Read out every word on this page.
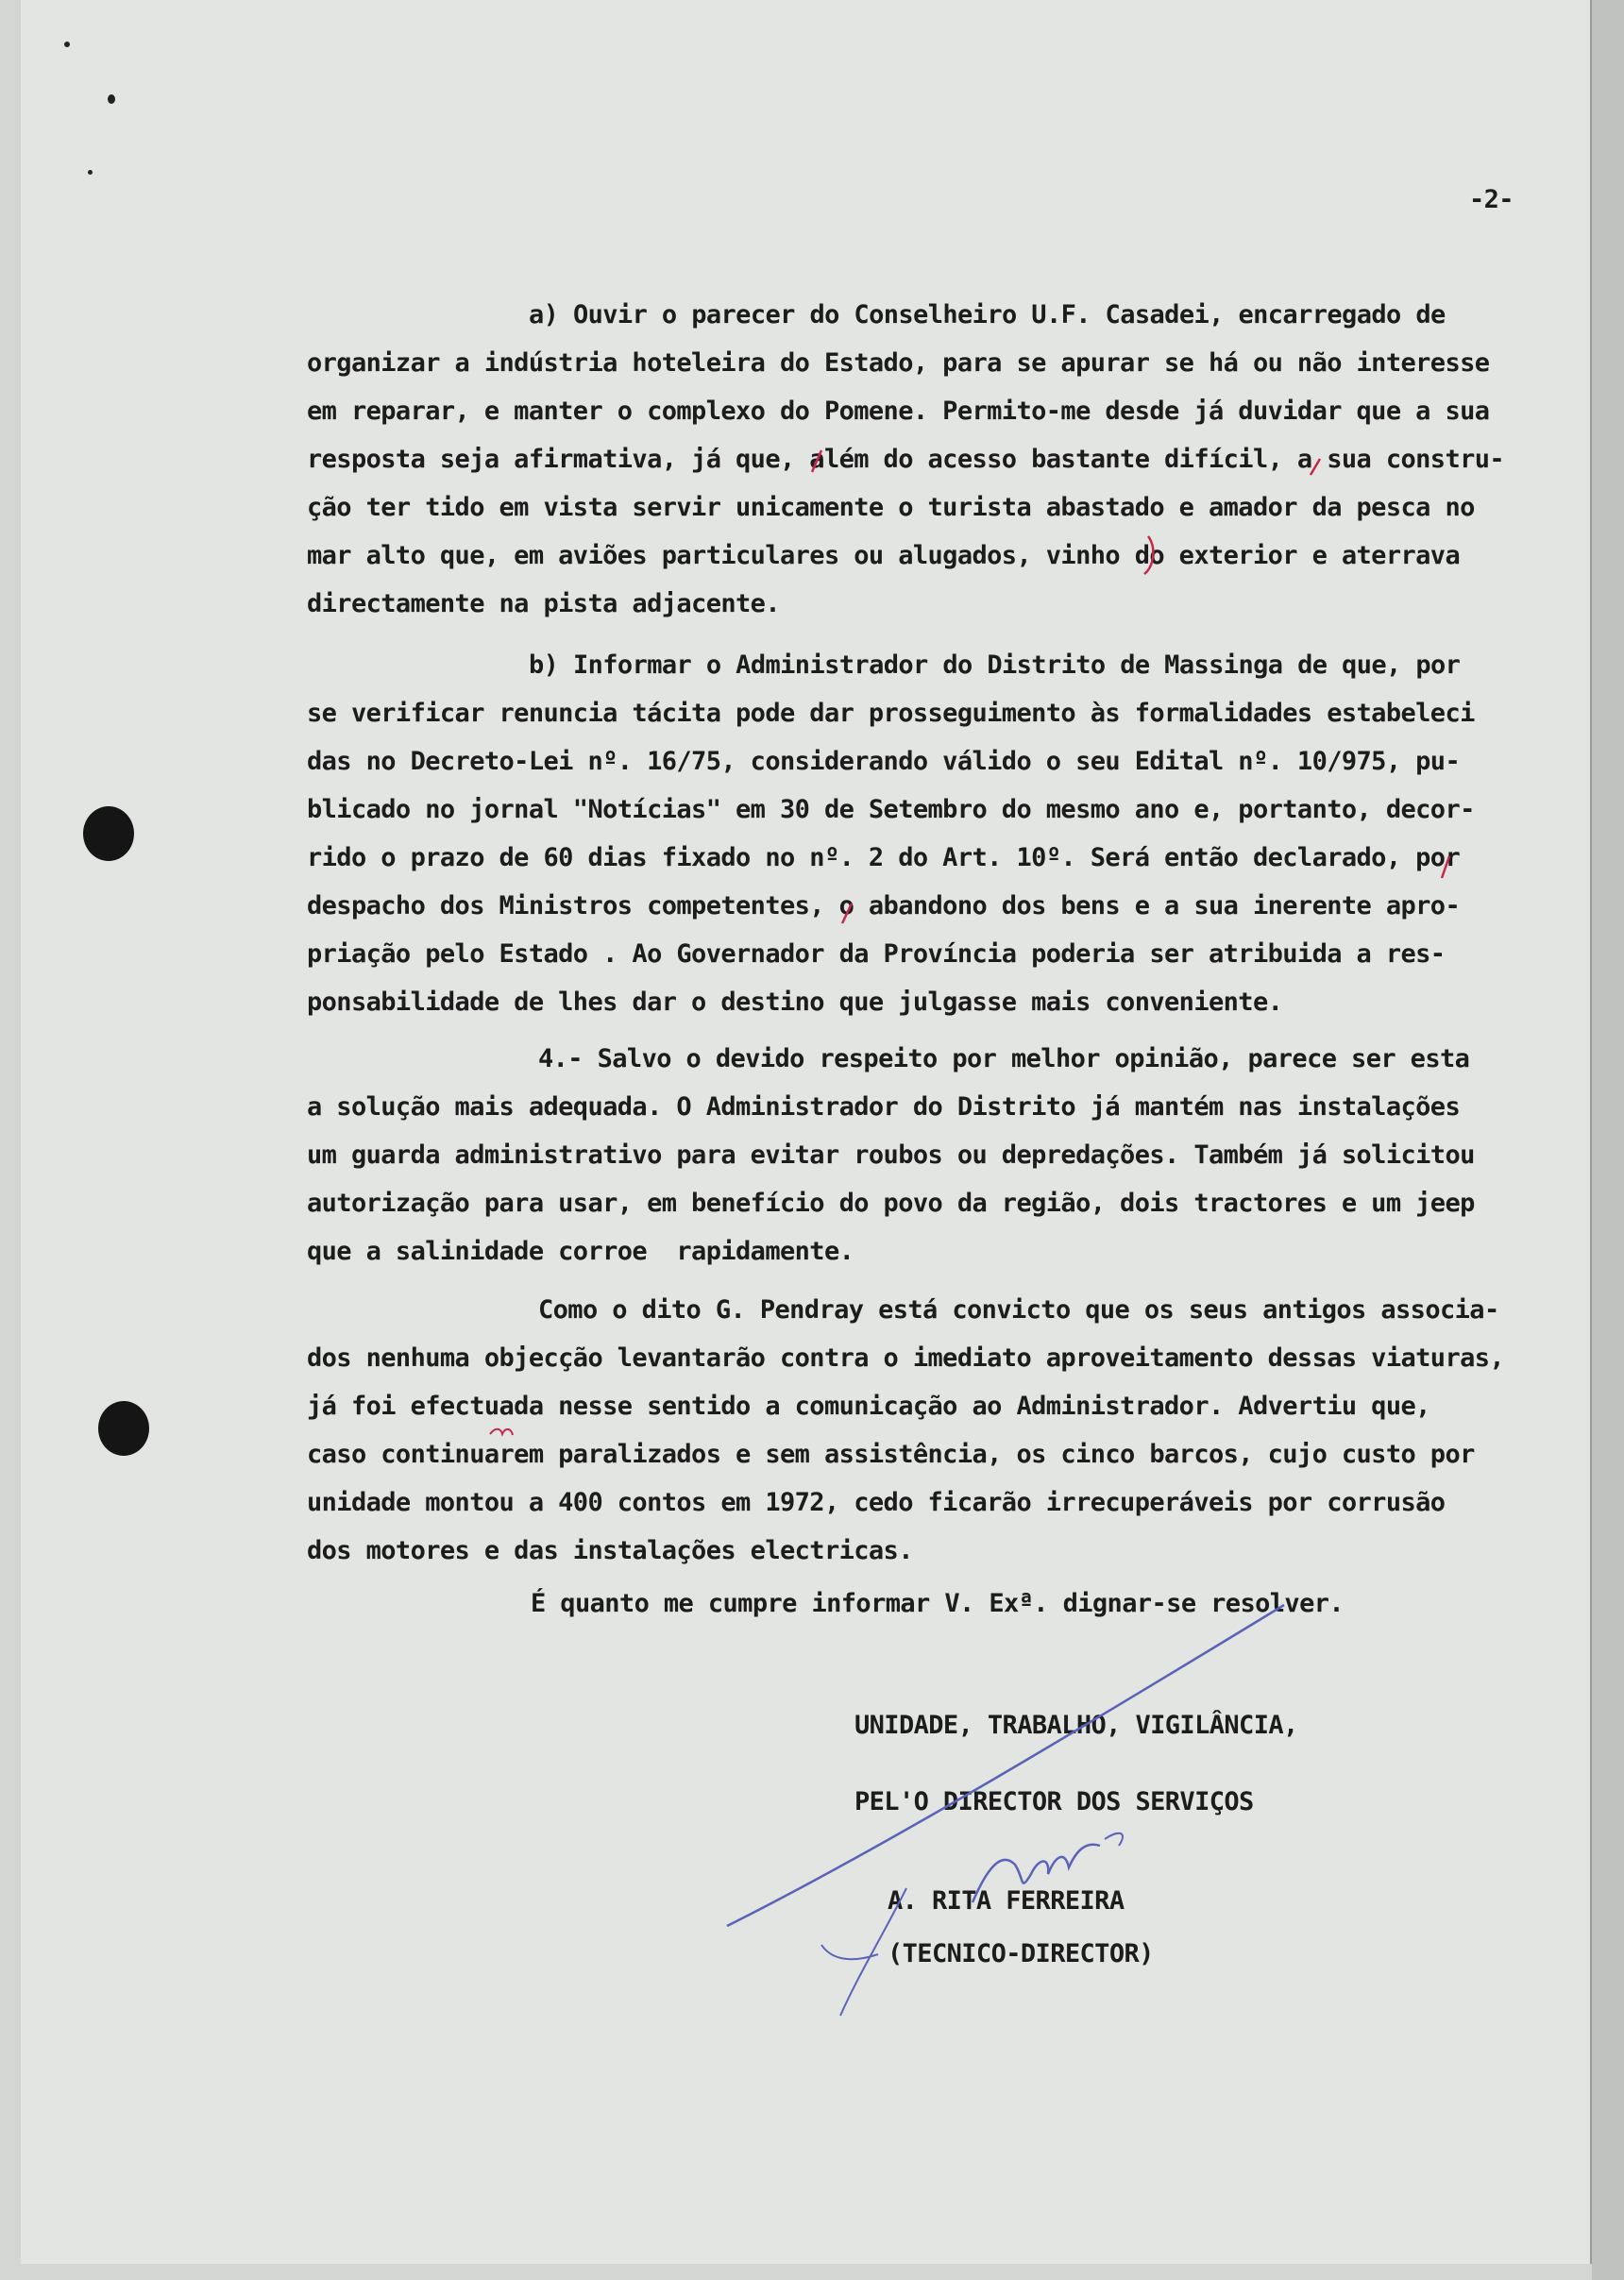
-2-
a) Ouvir o parecer do Conselheiro U.F. Casadei, encarregado de
organizar a indústria hoteleira do Estado, para se apurar se há ou não interesse
em reparar, e manter o complexo do Pomene. Permito-me desde já duvidar que a sua
resposta seja afirmativa, já que, além do acesso bastante difícil, a sua constru-
ção ter tido em vista servir unicamente o turista abastado e amador da pesca no
mar alto que, em aviões particulares ou alugados, vinho do exterior e aterrava
directamente na pista adjacente.
b) Informar o Administrador do Distrito de Massinga de que, por
se verificar renuncia tácita pode dar prosseguimento às formalidades estabeleci
das no Decreto-Lei nº. 16/75, considerando válido o seu Edital nº. 10/975, pu-
blicado no jornal "Notícias" em 30 de Setembro do mesmo ano e, portanto, decor-
rido o prazo de 60 dias fixado no nº. 2 do Art. 10º. Será então declarado, por
despacho dos Ministros competentes, o abandono dos bens e a sua inerente apro-
priação pelo Estado . Ao Governador da Província poderia ser atribuida a res-
ponsabilidade de lhes dar o destino que julgasse mais conveniente.
4.- Salvo o devido respeito por melhor opinião, parece ser esta
a solução mais adequada. O Administrador do Distrito já mantém nas instalações
um guarda administrativo para evitar roubos ou depredações. Também já solicitou
autorização para usar, em benefício do povo da região, dois tractores e um jeep
que a salinidade corroe  rapidamente.
Como o dito G. Pendray está convicto que os seus antigos associa-
dos nenhuma objecção levantarão contra o imediato aproveitamento dessas viaturas,
já foi efectuada nesse sentido a comunicação ao Administrador. Advertiu que,
caso continuarem paralizados e sem assistência, os cinco barcos, cujo custo por
unidade montou a 400 contos em 1972, cedo ficarão irrecuperáveis por corrusão
dos motores e das instalações electricas.
É quanto me cumpre informar V. Exª. dignar-se resolver.
UNIDADE, TRABALHO, VIGILÂNCIA,
PEL'O DIRECTOR DOS SERVIÇOS
A. RITA FERREIRA
(TECNICO-DIRECTOR)
